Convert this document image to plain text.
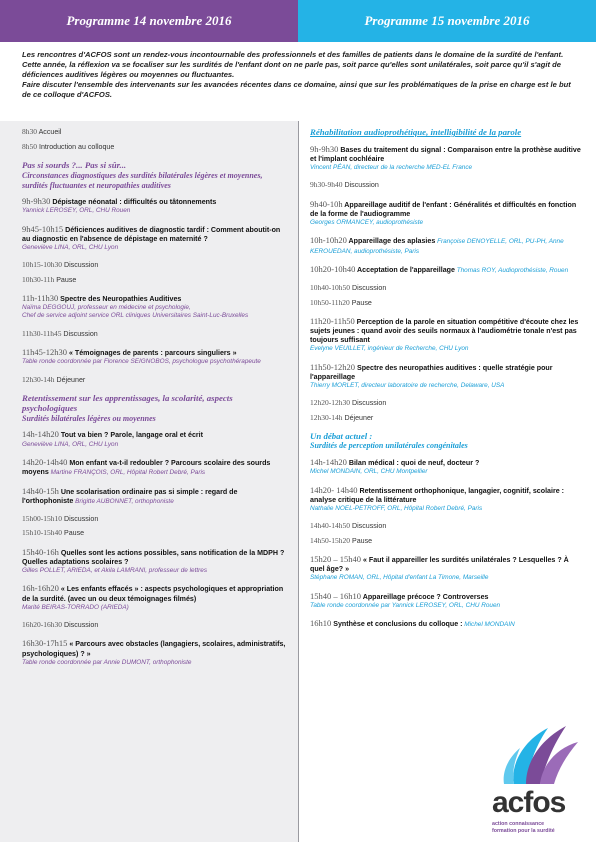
Programme 14 novembre 2016	Programme 15 novembre 2016

Les rencontres d'ACFOS sont un rendez-vous incontournable des professionnels et des familles de patients dans le domaine de la surdité de l'enfant. Cette année, la réflexion va se focaliser sur les surdités de l'enfant dont on ne parle pas, soit parce qu'elles sont unilatérales, soit parce qu'il s'agit de déficiences auditives légères ou moyennes ou fluctuantes.

Faire discuter l'ensemble des intervenants sur les avancées récentes dans ce domaine, ainsi que sur les problématiques de la prise en charge est le but de ce colloque d'ACFOS.

8h30 Accueil
8h50 Introduction au colloque
Pas si sourds ?... Pas si sûr...
Circonstances diagnostiques des surdités bilatérales légères et moyennes, surdités fluctuantes et neuropathies auditives
9h-9h30 Dépistage néonatal : difficultés ou tâtonnements
Yannick LEROSEY, ORL, CHU Rouen
9h45-10h15 Déficiences auditives de diagnostic tardif : Comment aboutit-on au diagnostic en l'absence de dépistage en maternité ?
Geneviève LINA, ORL, CHU Lyon
10h15-10h30 Discussion
10h30-11h Pause
11h-11h30 Spectre des Neuropathies Auditives
Naïma DEGGOUJ, professeur en médecine et psychologie,
Chef de service adjoint service ORL cliniques Universitaires Saint-Luc-Bruxelles
11h30-11h45 Discussion
11h45-12h30 « Témoignages de parents : parcours singuliers »
Table ronde coordonnée par Florence SEIGNOBOS, psychologue psychothérapeute
12h30-14h Déjeuner
Retentissement sur les apprentissages, la scolarité, aspects psychologiques
Surdités bilatérales légères ou moyennes
14h-14h20 Tout va bien ? Parole, langage oral et écrit
Geneviève LINA, ORL, CHU Lyon
14h20-14h40 Mon enfant va-t-il redoubler ? Parcours scolaire des sourds moyens Martine FRANÇOIS, ORL, Hôpital Robert Debré, Paris
14h40-15h Une scolarisation ordinaire pas si simple : regard de l'orthophoniste Brigitte AUBONNET, orthophoniste
15h00-15h10 Discussion
15h10-15h40 Pause
15h40-16h Quelles sont les actions possibles, sans notification de la MDPH ? Quelles adaptations scolaires ?
Gilles POLLET, ARIEDA, et Akila LAMRANI, professeur de lettres
16h-16h20 « Les enfants effacés » : aspects psychologiques et appropriation de la surdité. (avec un ou deux témoignages filmés)
Marité BEIRAS-TORRADO (ARIEDA)
16h20-16h30 Discussion
16h30-17h15 « Parcours avec obstacles (langagiers, scolaires, administratifs, psychologiques) ? »
Table ronde coordonnée par Annie DUMONT, orthophoniste
Réhabilitation audioprothétique, intelligibilité de la parole
9h-9h30 Bases du traitement du signal : Comparaison entre la prothèse auditive et l'implant cochléaire
Vincent PÉAN, directeur de la recherche MED-EL France
9h30-9h40 Discussion
9h40-10h Appareillage auditif de l'enfant : Généralités et difficultés en fonction de la forme de l'audiogramme
Georges ORMANCEY, audioprothésiste
10h-10h20 Appareillage des aplasies Françoise DENOYELLE, ORL, PU-PH, Anne KEROUEDAN, audioprothésiste, Paris
10h20-10h40 Acceptation de l'appareillage Thomas ROY, Audioprothésiste, Rouen
10h40-10h50 Discussion
10h50-11h20 Pause
11h20-11h50 Perception de la parole en situation compétitive d'écoute chez les sujets jeunes : quand avoir des seuils normaux à l'audiométrie tonale n'est pas toujours suffisant
Evelyne VEUILLET, ingénieur de Recherche, CHU Lyon
11h50-12h20 Spectre des neuropathies auditives : quelle stratégie pour l'appareillage
Thierry MORLET, directeur laboratoire de recherche, Delaware, USA
12h20-12h30 Discussion
12h30-14h Déjeuner
Un débat actuel :
Surdités de perception unilatérales congénitales
14h-14h20 Bilan médical : quoi de neuf, docteur ?
Michel MONDAIN, ORL, CHU Montpellier
14h20- 14h40 Retentissement orthophonique, langagier, cognitif, scolaire : analyse critique de la littérature
Nathalie NOEL-PETROFF, ORL, Hôpital Robert Debré, Paris
14h40-14h50 Discussion
14h50-15h20 Pause
15h20 – 15h40 « Faut il appareiller les surdités unilatérales ? Lesquelles ? À quel âge? »
Stéphane ROMAN, ORL, Hôpital d'enfant La Timone, Marseille
15h40 – 16h10 Appareillage précoce ? Controverses
Table ronde coordonnée par Yannick LEROSEY, ORL, CHU Rouen
16h10 Synthèse et conclusions du colloque : Michel MONDAIN
acfos
action connaissance
formation pour la surdité
